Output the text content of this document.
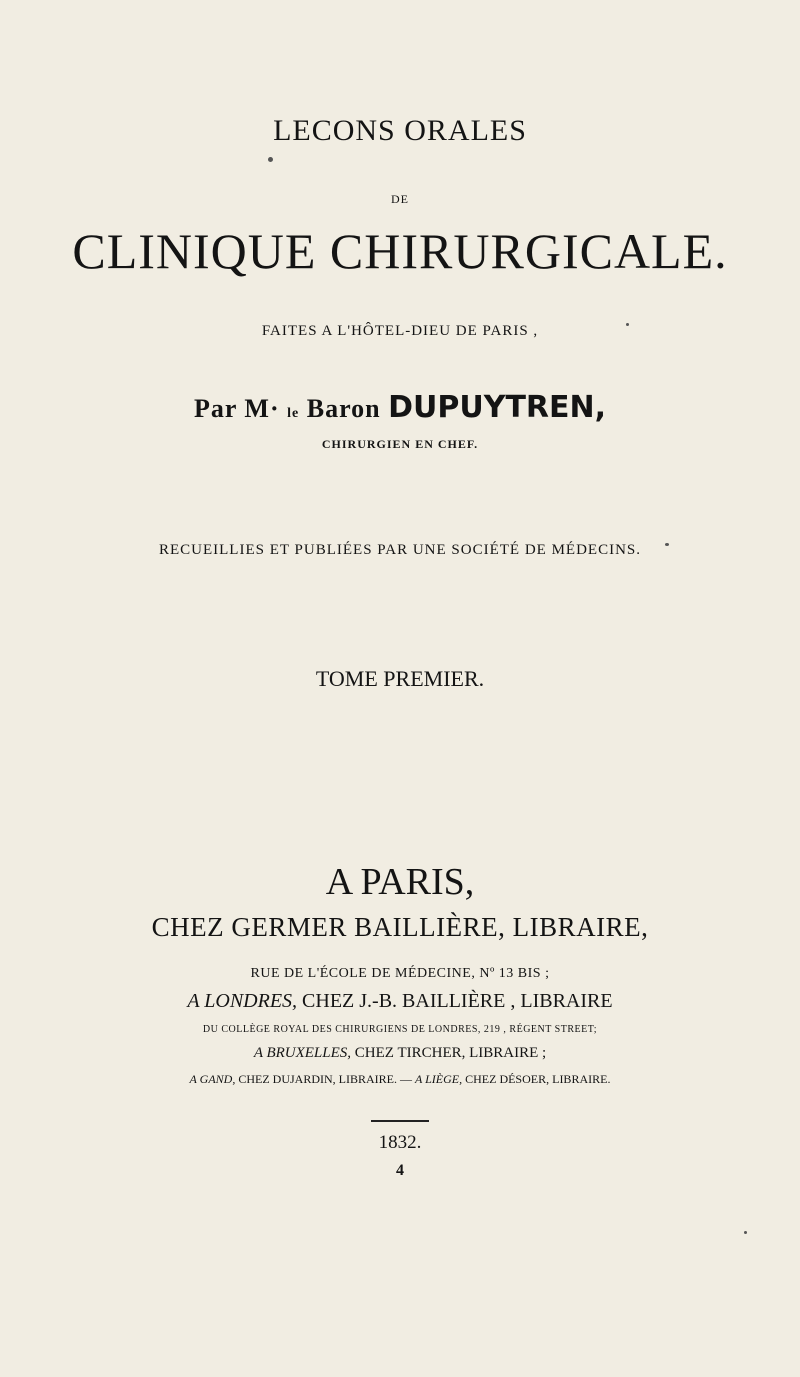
LECONS ORALES
DE
CLINIQUE CHIRURGICALE.
FAITES A L'HÔTEL-DIEU DE PARIS ,
Par M· le Baron DUPUYTREN,
CHIRURGIEN EN CHEF.
RECUEILLIES ET PUBLIÉES PAR UNE SOCIÉTÉ DE MÉDECINS.
TOME PREMIER.
A PARIS,
CHEZ GERMER BAILLIÈRE, LIBRAIRE,
RUE DE L'ÉCOLE DE MÉDECINE, Nº 13 BIS ;
A LONDRES, CHEZ J.-B. BAILLIÈRE , LIBRAIRE
DU COLLÈGE ROYAL DES CHIRURGIENS DE LONDRES, 219 , RÉGENT STREET;
A BRUXELLES, CHEZ TIRCHER, LIBRAIRE ;
A GAND, CHEZ DUJARDIN, LIBRAIRE. — A LIÈGE, CHEZ DÉSOER, LIBRAIRE.
1832.
4
